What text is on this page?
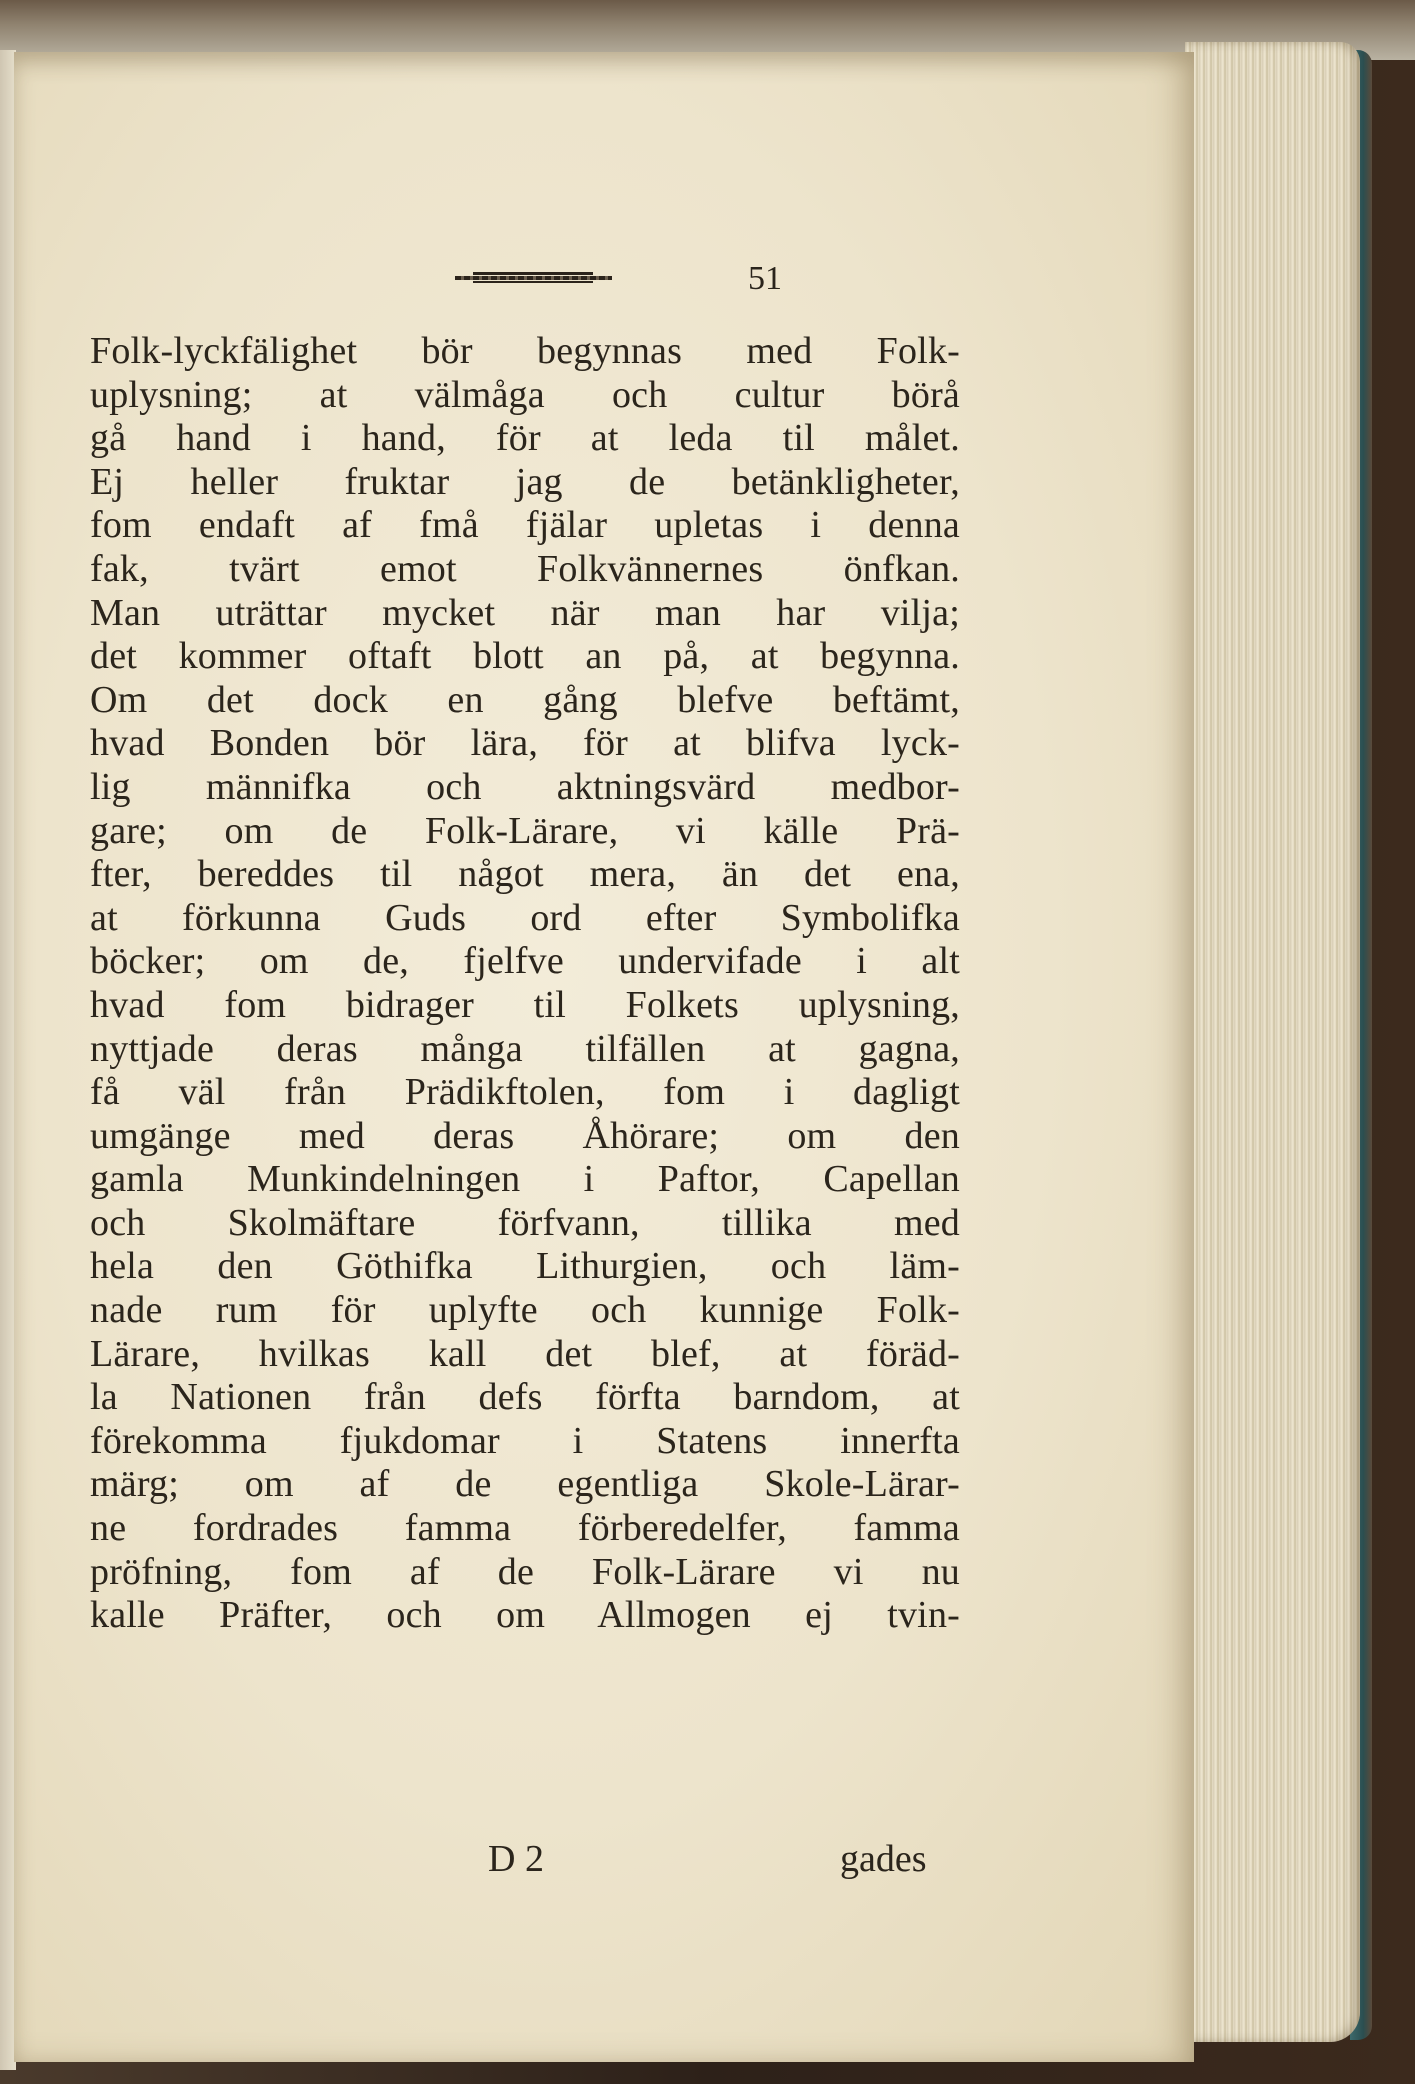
51
Folk-lyckfälighet bör begynnas med Folk-
uplysning; at välmåga och cultur börå
gå hand i hand, för at leda til målet.
Ej heller fruktar jag de betänkligheter,
fom endaft af fmå fjälar upletas i denna
fak, tvärt emot Folkvännernes önfkan.
Man uträttar mycket när man har vilja;
det kommer oftaft blott an på, at begynna.
Om det dock en gång blefve beftämt,
hvad Bonden bör lära, för at blifva lyck-
lig männifka och aktningsvärd medbor-
gare; om de Folk-Lärare, vi källe Prä-
fter, bereddes til något mera, än det ena,
at förkunna Guds ord efter Symbolifka
böcker; om de, fjelfve undervifade i alt
hvad fom bidrager til Folkets uplysning,
nyttjade deras många tilfällen at gagna,
få väl från Prädikftolen, fom i dagligt
umgänge med deras Åhörare; om den
gamla Munkindelningen i Paftor, Capellan
och Skolmäftare förfvann, tillika med
hela den Göthifka Lithurgien, och läm-
nade rum för uplyfte och kunnige Folk-
Lärare, hvilkas kall det blef, at föräd-
la Nationen från defs förfta barndom, at
förekomma fjukdomar i Statens innerfta
märg; om af de egentliga Skole-Lärar-
ne fordrades famma förberedelfer, famma
pröfning, fom af de Folk-Lärare vi nu
kalle Präfter, och om Allmogen ej tvin-
D 2	gades
